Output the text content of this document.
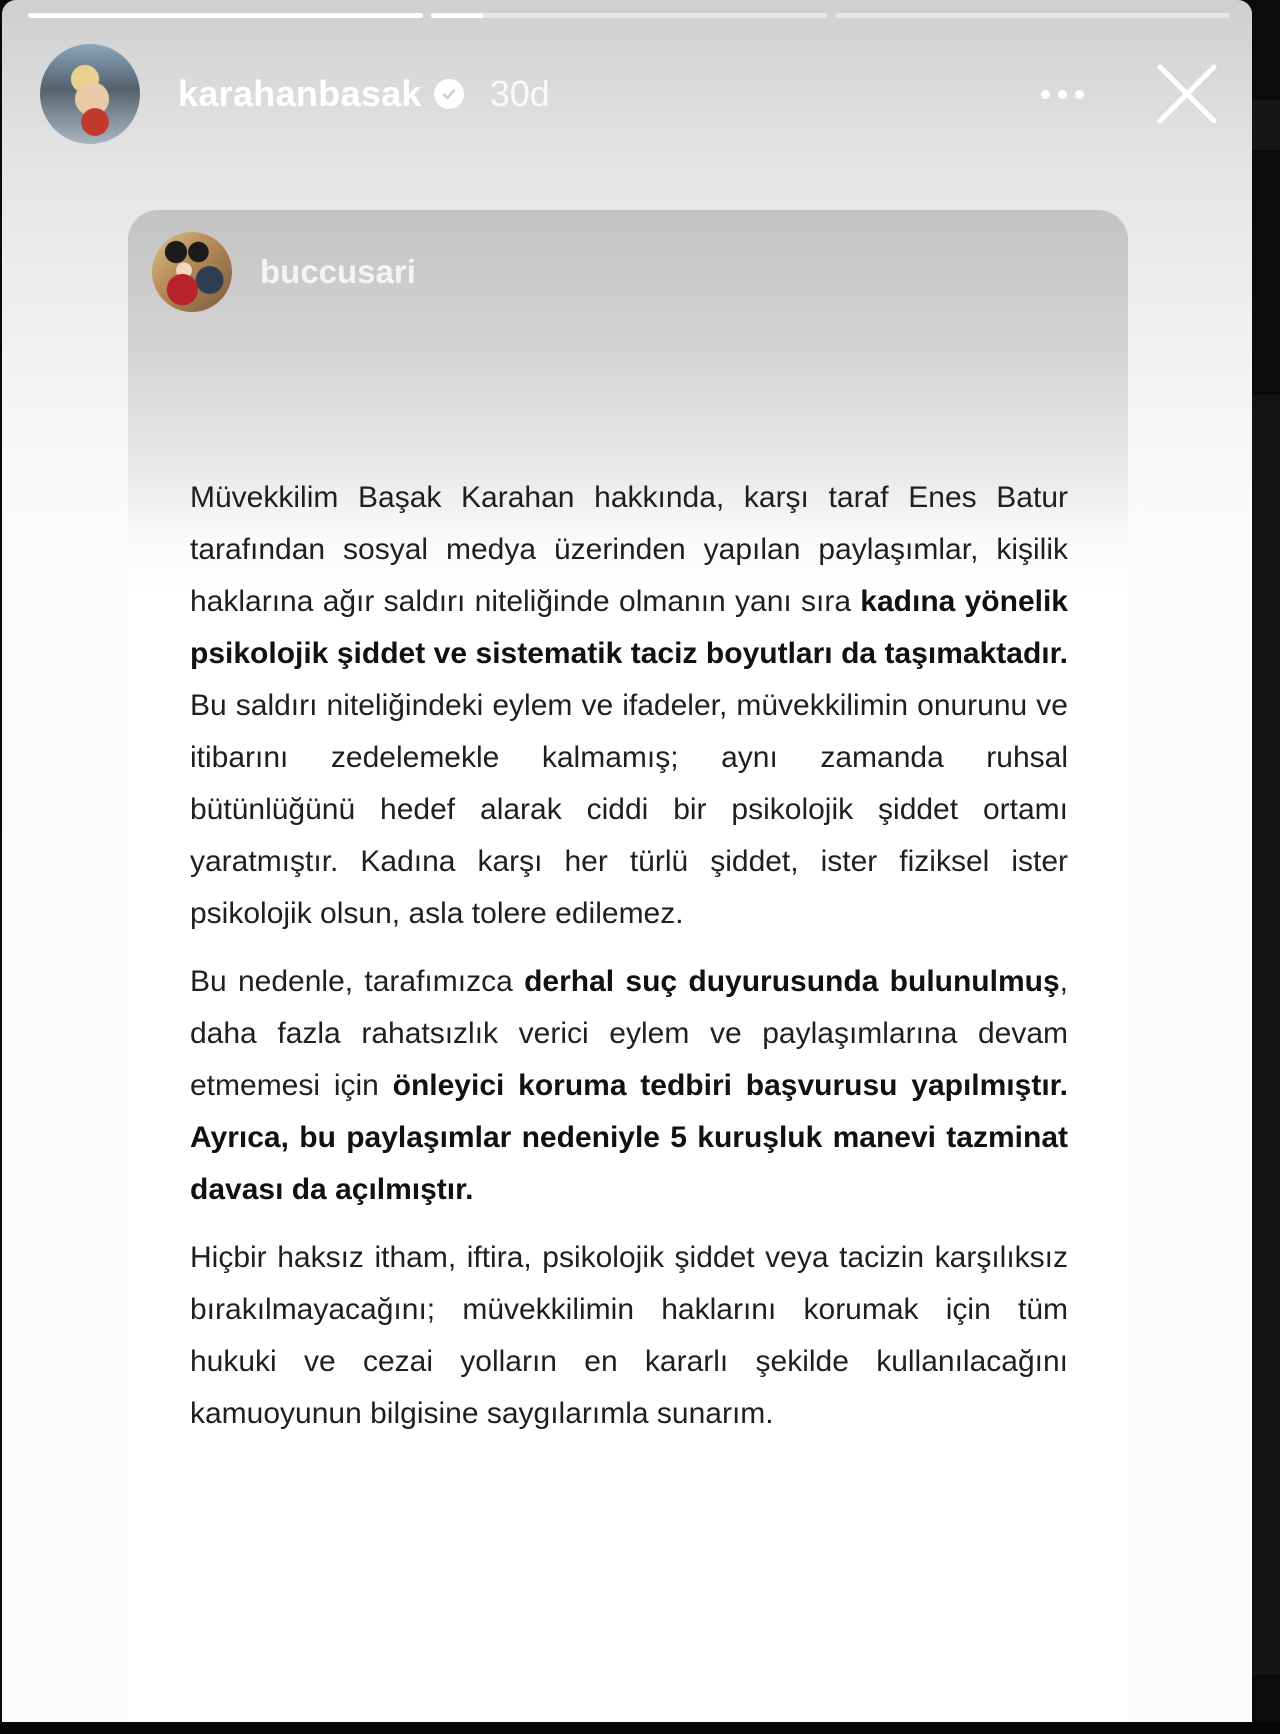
karahanbasak 30d
buccusari

Müvekkilim Başak Karahan hakkında, karşı taraf Enes Batur tarafından sosyal medya üzerinden yapılan paylaşımlar, kişilik haklarına ağır saldırı niteliğinde olmanın yanı sıra kadına yönelik psikolojik şiddet ve sistematik taciz boyutları da taşımaktadır. Bu saldırı niteliğindeki eylem ve ifadeler, müvekkilimin onurunu ve itibarını zedelemekle kalmamış; aynı zamanda ruhsal bütünlüğünü hedef alarak ciddi bir psikolojik şiddet ortamı yaratmıştır. Kadına karşı her türlü şiddet, ister fiziksel ister psikolojik olsun, asla tolere edilemez.

Bu nedenle, tarafımızca derhal suç duyurusunda bulunulmuş, daha fazla rahatsızlık verici eylem ve paylaşımlarına devam etmemesi için önleyici koruma tedbiri başvurusu yapılmıştır. Ayrıca, bu paylaşımlar nedeniyle 5 kuruşluk manevi tazminat davası da açılmıştır.

Hiçbir haksız itham, iftira, psikolojik şiddet veya tacizin karşılıksız bırakılmayacağını; müvekkilimin haklarını korumak için tüm hukuki ve cezai yolların en kararlı şekilde kullanılacağını kamuoyunun bilgisine saygılarımla sunarım.
